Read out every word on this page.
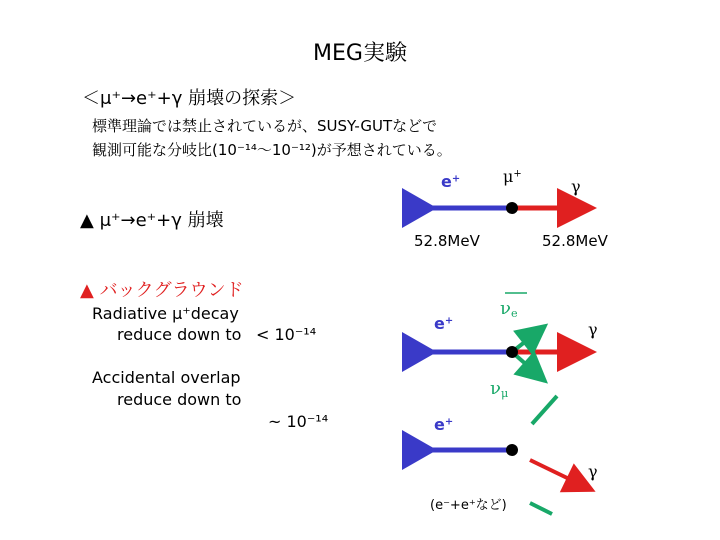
MEG実験
＜μ⁺→e⁺+γ 崩壊の探索＞
標準理論では禁止されているが、SUSY-GUTなどで
観測可能な分岐比(10⁻¹⁴～10⁻¹²)が予想されている。
▲ μ⁺→e⁺+γ 崩壊
▲ バックグラウンド
Radiative μ⁺decay
reduce down to < 10⁻¹⁴
Accidental overlap
reduce down to
~ 10⁻¹⁴
e+	μ+
γ
52.8MeV	52.8MeV
e+
$\nu_e$
γ
$\nu_\mu$
e+
γ
(e⁻+e⁺など)
